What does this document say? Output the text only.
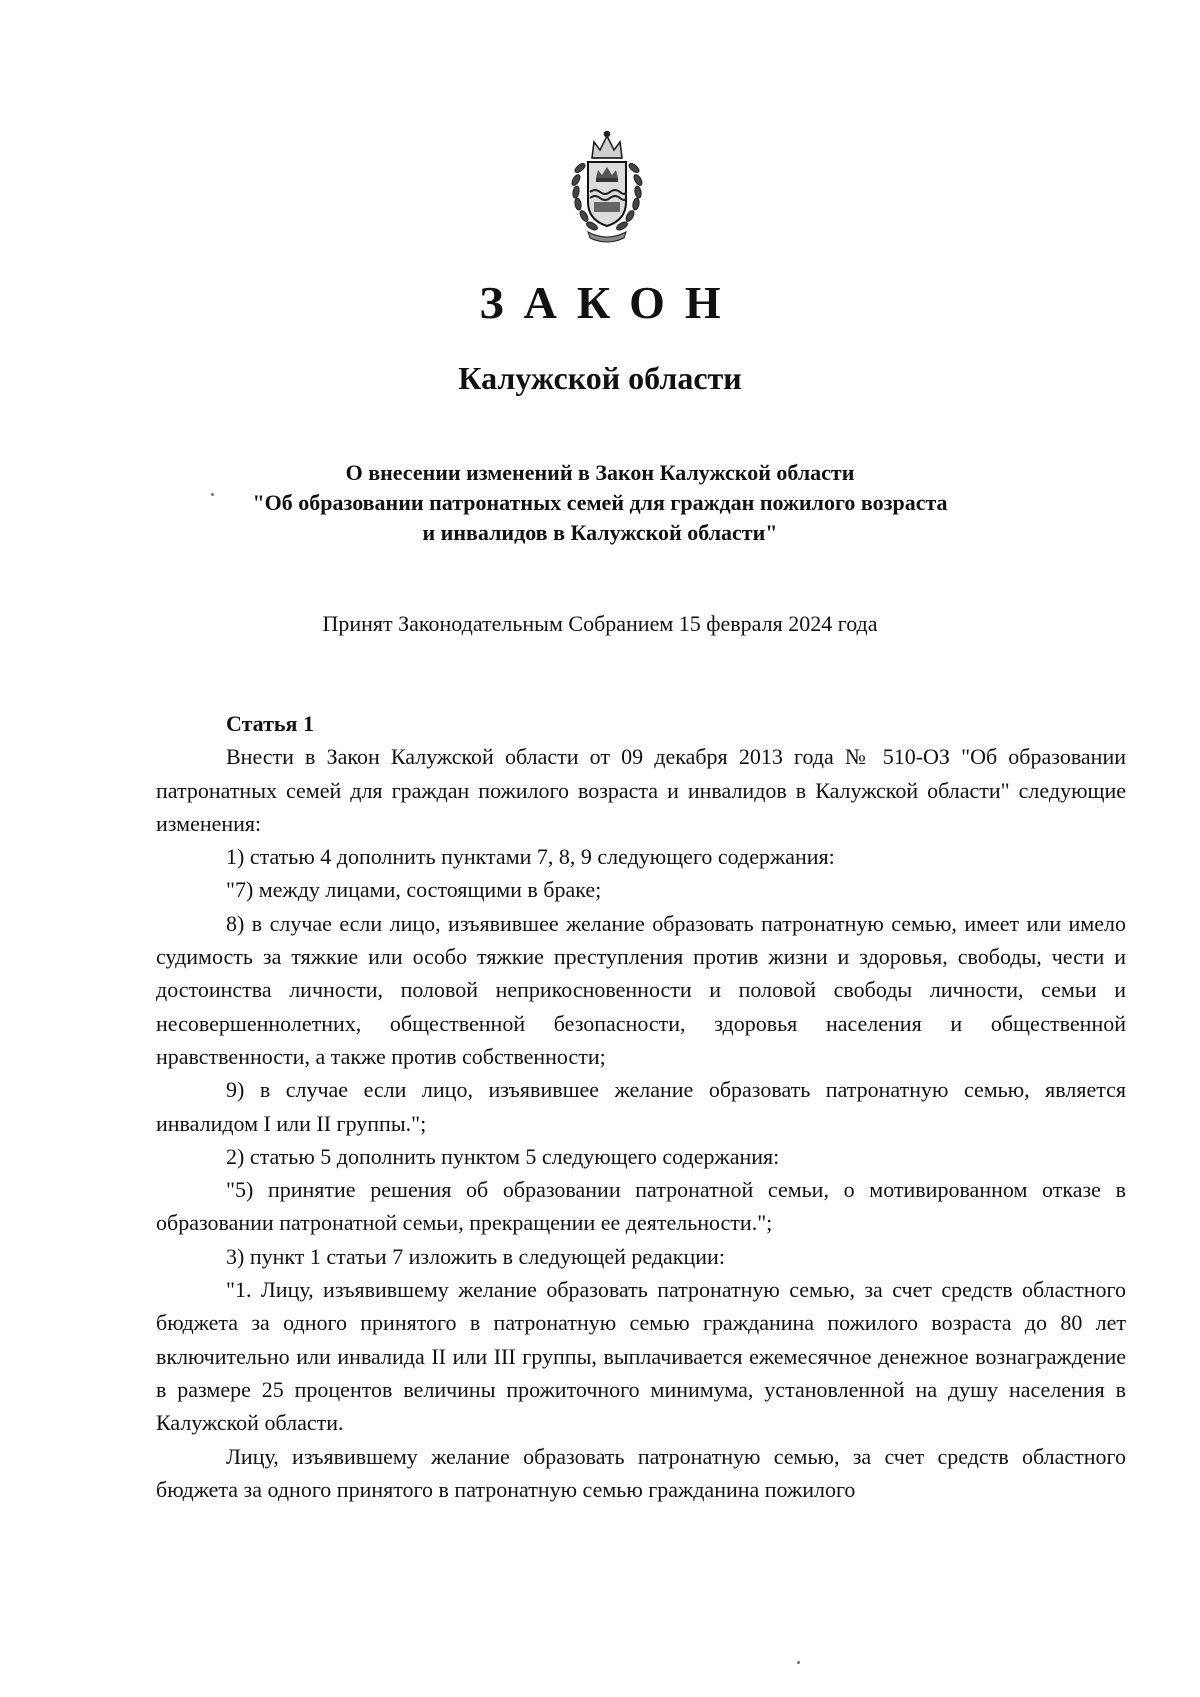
ЗАКОН
Калужской области
О внесении изменений в Закон Калужской области
"Об образовании патронатных семей для граждан пожилого возраста
и инвалидов в Калужской области"
Принят Законодательным Собранием 15 февраля 2024 года

Статья 1

Внести в Закон Калужской области от 09 декабря 2013 года № 510-ОЗ "Об образовании патронатных семей для граждан пожилого возраста и инвалидов в Калужской области" следующие изменения:

1) статью 4 дополнить пунктами 7, 8, 9 следующего содержания:

"7) между лицами, состоящими в браке;

8) в случае если лицо, изъявившее желание образовать патронатную семью, имеет или имело судимость за тяжкие или особо тяжкие преступления против жизни и здоровья, свободы, чести и достоинства личности, половой неприкосновенности и половой свободы личности, семьи и несовершеннолетних, общественной безопасности, здоровья населения и общественной нравственности, а также против собственности;

9) в случае если лицо, изъявившее желание образовать патронатную семью, является инвалидом I или II группы.";

2) статью 5 дополнить пунктом 5 следующего содержания:

"5) принятие решения об образовании патронатной семьи, о мотивированном отказе в образовании патронатной семьи, прекращении ее деятельности.";

3) пункт 1 статьи 7 изложить в следующей редакции:

"1. Лицу, изъявившему желание образовать патронатную семью, за счет средств областного бюджета за одного принятого в патронатную семью гражданина пожилого возраста до 80 лет включительно или инвалида II или III группы, выплачивается ежемесячное денежное вознаграждение в размере 25 процентов величины прожиточного минимума, установленной на душу населения в Калужской области.

Лицу, изъявившему желание образовать патронатную семью, за счет средств областного бюджета за одного принятого в патронатную семью гражданина пожилого
